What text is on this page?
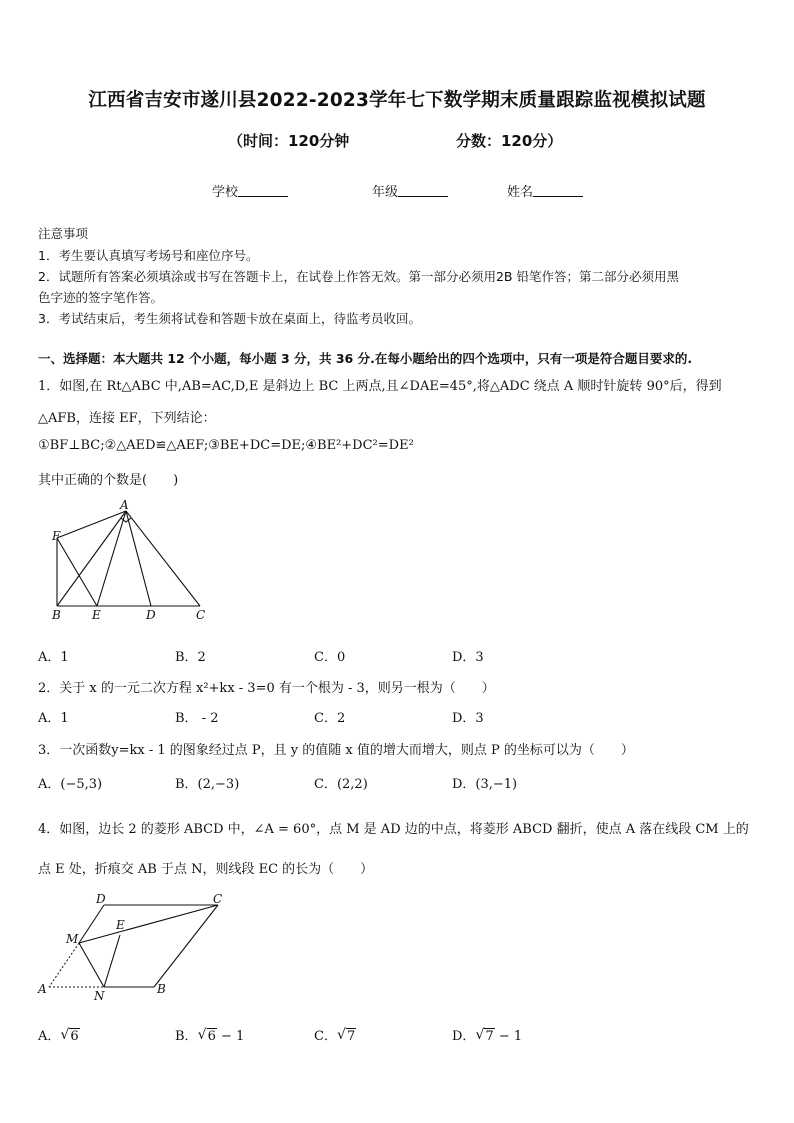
江西省吉安市遂川县2022-2023学年七下数学期末质量跟踪监视模拟试题
（时间：120分钟	分数：120分）
学校	年级	姓名
注意事项
1．考生要认真填写考场号和座位序号。
2．试题所有答案必须填涂或书写在答题卡上，在试卷上作答无效。第一部分必须用2B 铅笔作答；第二部分必须用黑
色字迹的签字笔作答。
3．考试结束后，考生须将试卷和答题卡放在桌面上，待监考员收回。
一、选择题：本大题共 12 个小题，每小题 3 分，共 36 分.在每小题给出的四个选项中，只有一项是符合题目要求的.
1．如图,在 Rt△ABC 中,AB=AC,D,E 是斜边上 BC 上两点,且∠DAE=45°,将△ADC 绕点 A 顺时针旋转 90°后，得到
△AFB，连接 EF，下列结论：
①BF⊥BC;②△AED≌△AEF;③BE+DC=DE;④BE²+DC²=DE²
其中正确的个数是(　　)
A
F
B	E	D	C
A．1	B．2	C．0	D．3
2．关于 x 的一元二次方程 x²+kx - 3=0 有一个根为 - 3，则另一根为（　　）
A．1	B． - 2	C．2	D．3
3．一次函数y=kx - 1 的图象经过点 P，且 y 的值随 x 值的增大而增大，则点 P 的坐标可以为（　　）
A．(−5,3)	B．(2,−3)	C．(2,2)	D．(3,−1)
4．如图，边长 2 的菱形 ABCD 中，∠A = 60°，点 M 是 AD 边的中点，将菱形 ABCD 翻折，使点 A 落在线段 CM 上的
点 E 处，折痕交 AB 于点 N，则线段 EC 的长为（　　）
D	C
E
M
A	N	B
A． √ 6	B． √ 6 − 1	C． √ 7	D． √ 7 − 1
